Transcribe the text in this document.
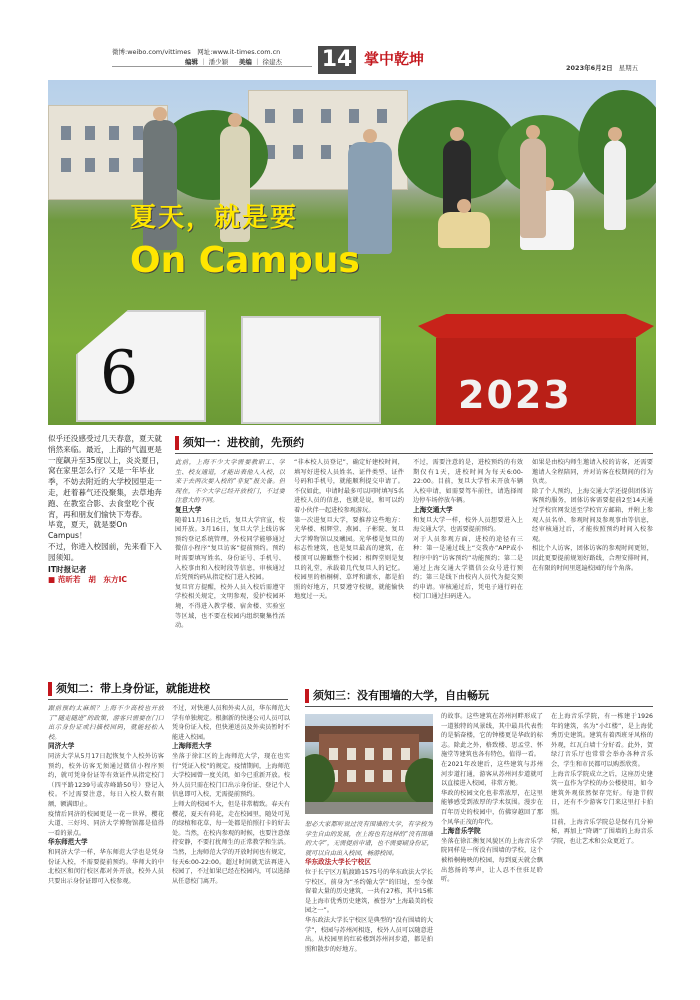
微博:weibo.com/vittimes　网址:www.it-times.com.cn
编辑 ｜ 潘少颖 　 美编 ｜ 徐建杰 14 掌中乾坤	2023年6月2日 星期五
夏天，就是要
On Campus
6	2023

似乎还没感受过几天春意，夏天就悄然来临。最近，上海的气温更是一度飙升至35度以上，炎炎夏日，窝在家里怎么行？又是一年毕业季，不妨去附近的大学校园里走一走，赶着暮气还没聚集，去草地奔跑、在教室合影、去食堂吃个夜宵，再和朋友们愉快下寿春。

毕竟，夏天，就是要On Campus！

不过，你进入校园前，先来看下入园须知。

IT时报记者

■ 范昕若　胡　东方IC

须知一：进校前，先预约

此前，上海不少大学需要教职工、学生、校友通道，才能出表他人入校，以来于去两次要入校的“非复”报关备。但现在，不少大学已经开放校门，不过要注意大的不同。

复旦大学

随着11月16日之后，复旦大学官宣，校园开放。3月16日，复旦大学上线访客预约登记系统管理，外校同学能够通过微信小程序“复旦访客”提前预约。预约时需要填写姓名、身份证号、手机号、入校事由和入校时段等信息，审核通过后凭预约码从指定校门进入校园。

复旦官方提醒，校外人员入校后需遵守学校相关规定，文明参观，爱护校园环境，不得进入教学楼、宿舍楼、实验室等区域，也不要在校园内组织聚集性活动。

“非本校人员登记”，确定好建校时间，填写好进校人员姓名、证件类型、证件号码和手机号，就能顺利提交申请了。不仅如此，申请时最多可以同时填写5名进校人员的信息，也就是说，和可以约着小伙伴一起进校参观游玩。

第一次进复旦大学，要推荐这些地方：光华楼、相辉堂、燕园、子彬院、复旦大学博物馆以及曦园。光华楼是复旦的标志性建筑，也是复旦最高的建筑，在楼顶可以俯瞰整个校园；相辉堂则是复旦的礼堂，承载着几代复旦人的记忆。校园里的梧桐树、草坪和湖水，都是拍照的好地方，只要遵守校规，就能愉快地度过一天。

不过，需要注意的是，进校预约的有效期仅有1天，进校时间为每天6:00-22:00。目前，复旦大学暂未开放车辆入校申请，如需要驾车前往，请选择周边停车场停放车辆。

上海交通大学

和复旦大学一样，校外人员想要进入上海交通大学，也需要提前预约。

对于人员参观方面，进校的途径有三种：第一是通过线上“交我办”APP或小程序中的“访客预约”功能预约；第二是通过上海交通大学微信公众号进行预约；第三是线下由校内人员代为提交预约申请。审核通过后，凭电子通行码在校门口通过扫码进入。

如果是由校内师生邀请入校的访客，还需要邀请人全程陪同，并对访客在校期间的行为负责。

除了个人预约，上海交通大学还提供团体访客预约服务，团体访客需要提前2至14天通过学校官网发送至学校官方邮箱，并附上参观人员名单、参观时间及参观事由等信息，经审核通过后，才能按照预约时间入校参观。

相比个人访客，团体访客的参观时间更短，因此更要提前规划好路线，合理安排时间，在有限的时间里逛遍校园的每个角落。

须知二：带上身份证，就能进校

跟前预约太麻烦？上海不少高校也开放了“随走随进”的政策，游客只需要在门口出示身份证或扫描校园码，就能轻松入校。

同济大学

同济大学从5月17日起恢复个人校外访客预约，校外访客无须通过微信小程序预约，就可凭身份证等有效证件从指定校门（四平路1239号或赤峰路50号）登记入校。不过需要注意，每日入校人数有限额，额满即止。

疫情后同济的校园更是一花一世界，樱花大道、三好坞、同济大学博物馆都是值得一看的景点。

华东师范大学

和同济大学一样，华东师范大学也是凭身份证入校，不需要提前预约。华师大的中北校区和闵行校区都对外开放，校外人员只要出示身份证即可入校参观。

不过，对快递人员和外卖人员，华东师范大学有单独规定。根据新的快递公司人员可以凭身份证入校，但快递送员及外卖员暂时不能进入校园。

上海师范大学

坐落于徐汇区的上海师范大学，现在也实行“凭证入校”的规定。疫情期间，上海师范大学校园曾一度关闭，如今已重新开放。校外人员只需在校门口出示身份证、登记个人信息即可入校，无需提前预约。

上师大的校园不大，但是非常精致。春天有樱花，夏天有荷花，走在校园里，随处可见的绿植和花草，每一处都是拍照打卡的好去处。当然，在校内参观的时候，也要注意保持安静，不要打扰师生的正常教学和生活。

当然，上海师范大学的开放时间也有规定，每天6:00-22:00。超过时间就无法再进入校园了，不过如果已经在校园内，可以选择从任意校门离开。

须知三：没有围墙的大学，自由畅玩

想必大家都听说过没有围墙的大学，有学校为学生自由的发展，在上海也有这样的“没有围墙的大学”，无需提前申请，也不需要刷身份证，就可以自由出入校园，畅游校园。

华东政法大学长宁校区

位于长宁区万航渡路1575号的华东政法大学长宁校区，前身为“圣约翰大学”的旧址，至今保留着大量的历史建筑，一共有27栋，其中15栋是上海市优秀历史建筑，被誉为“上海最美的校园之一”。

华东政法大学长宁校区是典型的“没有围墙的大学”，校园与苏州河相连，校外人员可以随意进出。从校园里的红砖楼到苏州河步道，都是拍照和散步的好地方。

的故事。这些建筑在苏州河畔形成了一道独特的风景线，其中最具代表性的是韬奋楼，它的钟楼更是华政的标志。除此之外，格致楼、思孟堂、怀施堂等建筑也各有特色，值得一看。

在2021年改建后，这些建筑与苏州河步道打通，游客从苏州河步道就可以直接进入校园，非常方便。

华政的校园文化也非常浓厚，在这里能够感受到浓厚的学术氛围。漫步在百年历史的校园中，仿佛穿越回了那个风华正茂的年代。

上海音乐学院

坐落在徐汇衡复风貌区的上海音乐学院同样是一所没有围墙的学校，这个被梧桐掩映的校园，每到夏天就会飘出悠扬的琴声，让人忍不住驻足聆听。

在上海音乐学院，有一栋建于1926年的建筑，名为“小红楼”，是上海优秀历史建筑。建筑有着西班牙风格的外观，红瓦白墙十分好看。此外，贺绿汀音乐厅也常常会举办各种音乐会，学生和市民都可以购票欣赏。

上海音乐学院成立之后，这座历史建筑一直作为学校的办公楼使用，如今建筑外观依然保存完好。每逢节假日，还有不少游客专门来这里打卡拍照。

目前，上海音乐学院总是保有几分神秘，再加上“降调”了围墙的上海音乐学院，也让艺术和公众更近了。
